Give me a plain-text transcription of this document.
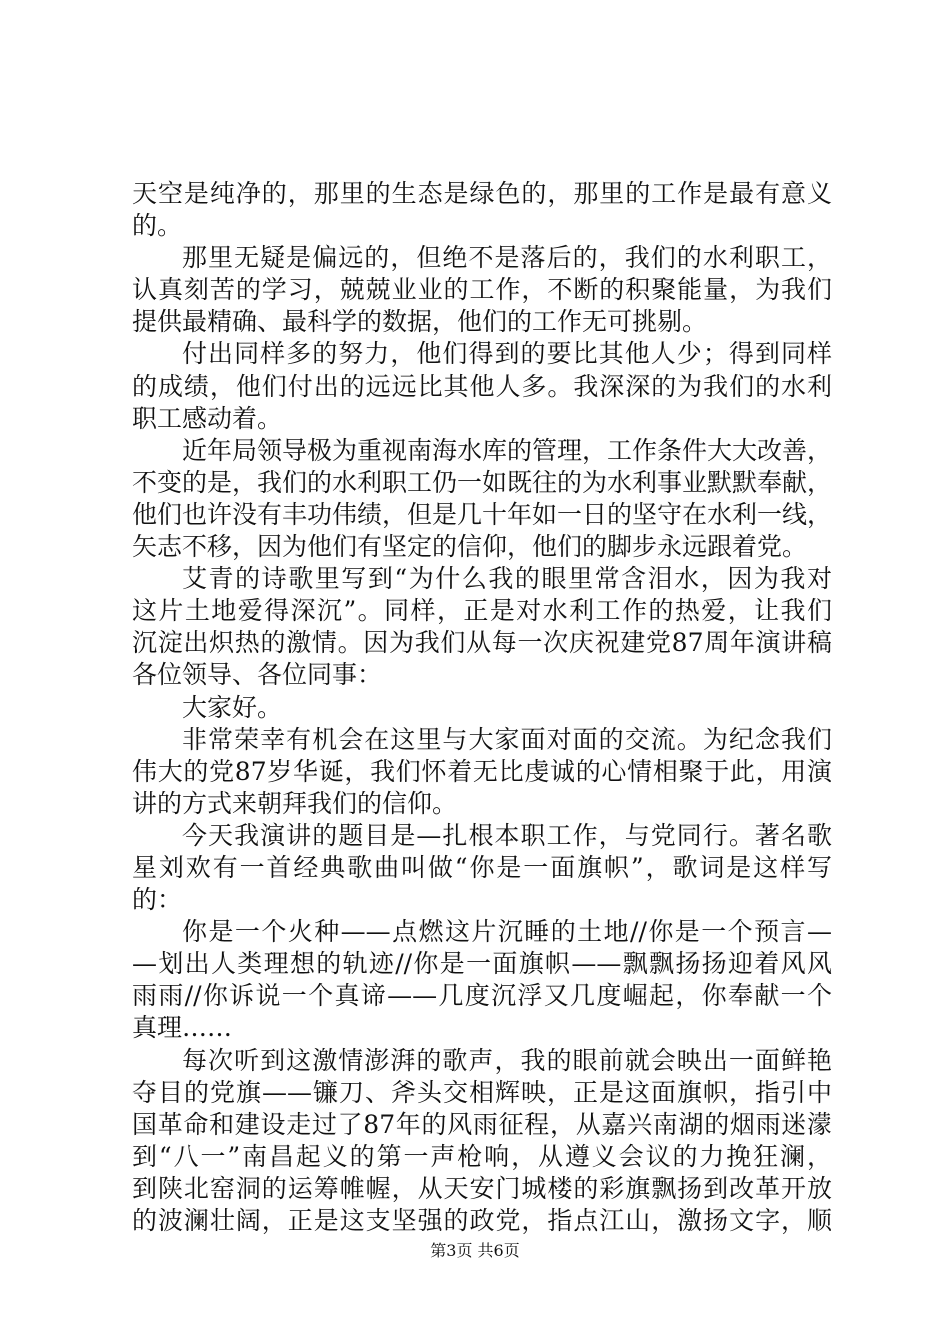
天空是纯净的，那里的生态是绿色的，那里的工作是最有意义
的。
那里无疑是偏远的，但绝不是落后的，我们的水利职工，
认真刻苦的学习，兢兢业业的工作，不断的积聚能量，为我们
提供最精确、最科学的数据，他们的工作无可挑剔。
付出同样多的努力，他们得到的要比其他人少；得到同样
的成绩，他们付出的远远比其他人多。我深深的为我们的水利
职工感动着。
近年局领导极为重视南海水库的管理，工作条件大大改善，
不变的是，我们的水利职工仍一如既往的为水利事业默默奉献，
他们也许没有丰功伟绩，但是几十年如一日的坚守在水利一线，
矢志不移，因为他们有坚定的信仰，他们的脚步永远跟着党。
艾青的诗歌里写到“为什么我的眼里常含泪水，因为我对
这片土地爱得深沉”。同样，正是对水利工作的热爱，让我们
沉淀出炽热的激情。因为我们从每一次庆祝建党87周年演讲稿
各位领导、各位同事：
大家好。
非常荣幸有机会在这里与大家面对面的交流。为纪念我们
伟大的党87岁华诞，我们怀着无比虔诚的心情相聚于此，用演
讲的方式来朝拜我们的信仰。
今天我演讲的题目是—扎根本职工作，与党同行。著名歌
星刘欢有一首经典歌曲叫做“你是一面旗帜”，歌词是这样写
的：
你是一个火种——点燃这片沉睡的土地//你是一个预言—
—划出人类理想的轨迹//你是一面旗帜——飘飘扬扬迎着风风
雨雨//你诉说一个真谛——几度沉浮又几度崛起，你奉献一个
真理……
每次听到这激情澎湃的歌声，我的眼前就会映出一面鲜艳
夺目的党旗——镰刀、斧头交相辉映，正是这面旗帜，指引中
国革命和建设走过了87年的风雨征程，从嘉兴南湖的烟雨迷濛
到“八一”南昌起义的第一声枪响，从遵义会议的力挽狂澜，
到陕北窑洞的运筹帷幄，从天安门城楼的彩旗飘扬到改革开放
的波澜壮阔，正是这支坚强的政党，指点江山，激扬文字，顺
第3页 共6页
